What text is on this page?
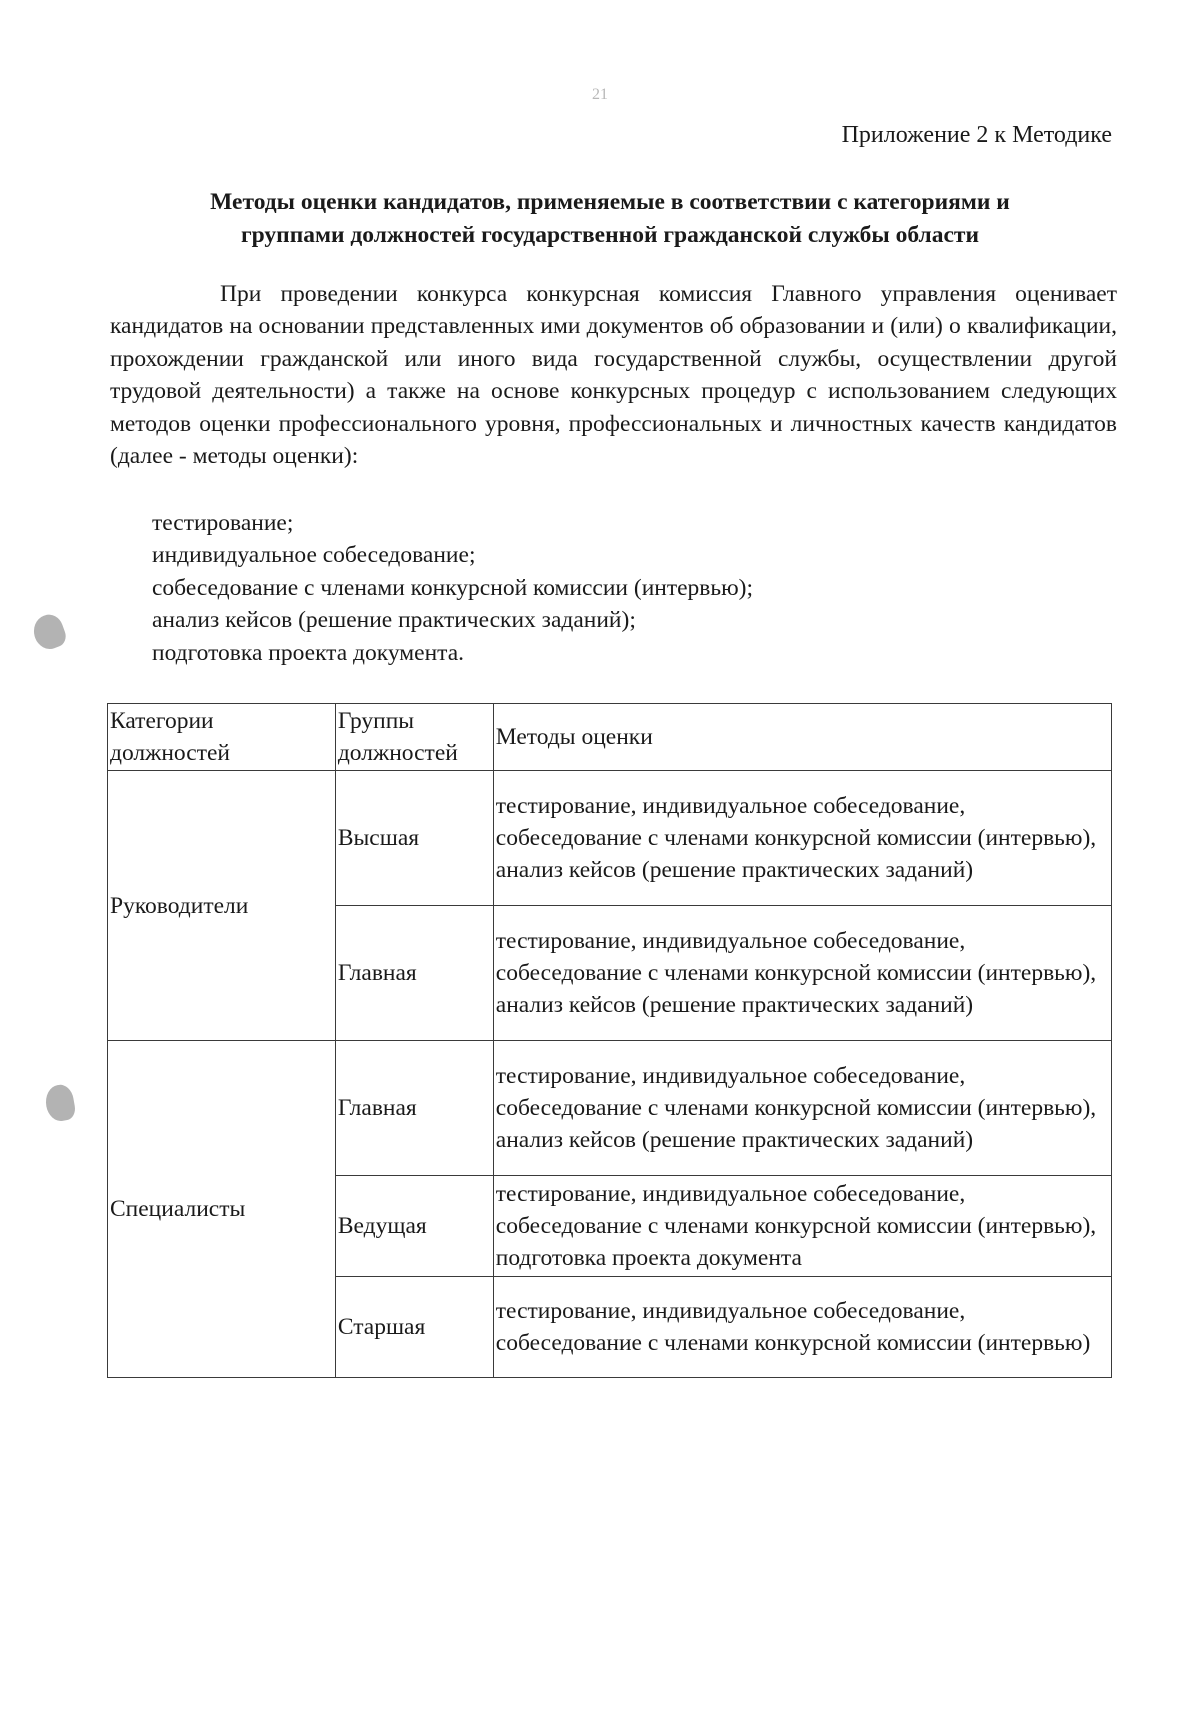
21
Приложение 2 к Методике
Методы оценки кандидатов, применяемые в соответствии с категориями и
группами должностей государственной гражданской службы области
При проведении конкурса конкурсная комиссия Главного управления оценивает кандидатов на основании представленных ими документов об образовании и (или) о квалификации, прохождении гражданской или иного вида государственной службы, осуществлении другой трудовой деятельности) а также на основе конкурсных процедур с использованием следующих методов оценки профессионального уровня, профессиональных и личностных качеств кандидатов (далее - методы оценки):
тестирование;
индивидуальное собеседование;
собеседование с членами конкурсной комиссии (интервью);
анализ кейсов (решение практических заданий);
подготовка проекта документа.
Категории должностей	Группы должностей	Методы оценки
Руководители	Высшая	тестирование, индивидуальное собеседование, собеседование с членами конкурсной комиссии (интервью), анализ кейсов (решение практических заданий)
	Главная	тестирование, индивидуальное собеседование, собеседование с членами конкурсной комиссии (интервью), анализ кейсов (решение практических заданий)
Специалисты	Главная	тестирование, индивидуальное собеседование, собеседование с членами конкурсной комиссии (интервью), анализ кейсов (решение практических заданий)
	Ведущая	тестирование, индивидуальное собеседование, собеседование с членами конкурсной комиссии (интервью), подготовка проекта документа
	Старшая	тестирование, индивидуальное собеседование, собеседование с членами конкурсной комиссии (интервью)
